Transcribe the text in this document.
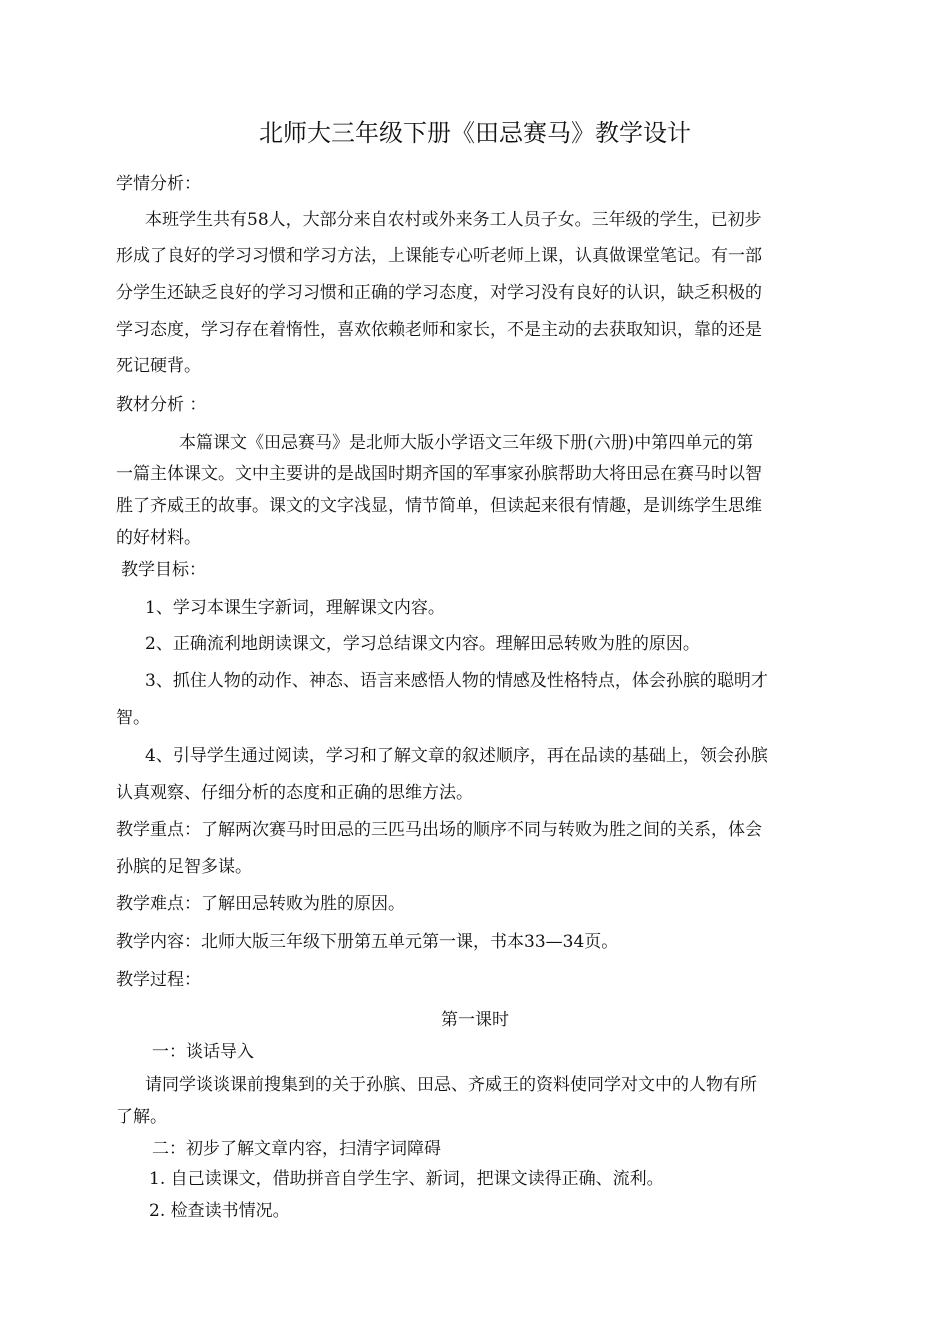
北师大三年级下册《田忌赛马》教学设计

学情分析：

本班学生共有58人，大部分来自农村或外来务工人员子女。三年级的学生，已初步

形成了良好的学习习惯和学习方法，上课能专心听老师上课，认真做课堂笔记。有一部

分学生还缺乏良好的学习习惯和正确的学习态度，对学习没有良好的认识，缺乏积极的

学习态度，学习存在着惰性，喜欢依赖老师和家长，不是主动的去获取知识，靠的还是

死记硬背。

教材分析 ：

本篇课文《田忌赛马》是北师大版小学语文三年级下册(六册)中第四单元的第

一篇主体课文。文中主要讲的是战国时期齐国的军事家孙膑帮助大将田忌在赛马时以智

胜了齐威王的故事。课文的文字浅显，情节简单，但读起来很有情趣，是训练学生思维

的好材料。

教学目标：

1、学习本课生字新词，理解课文内容。

2、正确流利地朗读课文，学习总结课文内容。理解田忌转败为胜的原因。

3、抓住人物的动作、神态、语言来感悟人物的情感及性格特点，体会孙膑的聪明才

智。

4、引导学生通过阅读，学习和了解文章的叙述顺序，再在品读的基础上，领会孙膑

认真观察、仔细分析的态度和正确的思维方法。

教学重点：了解两次赛马时田忌的三匹马出场的顺序不同与转败为胜之间的关系，体会

孙膑的足智多谋。

教学难点：了解田忌转败为胜的原因。

教学内容：北师大版三年级下册第五单元第一课，书本33—34页。

教学过程：

第一课时

一：谈话导入

请同学谈谈课前搜集到的关于孙膑、田忌、齐威王的资料使同学对文中的人物有所

了解。

二：初步了解文章内容，扫清字词障碍

1. 自己读课文，借助拼音自学生字、新词，把课文读得正确、流利。

2. 检查读书情况。
